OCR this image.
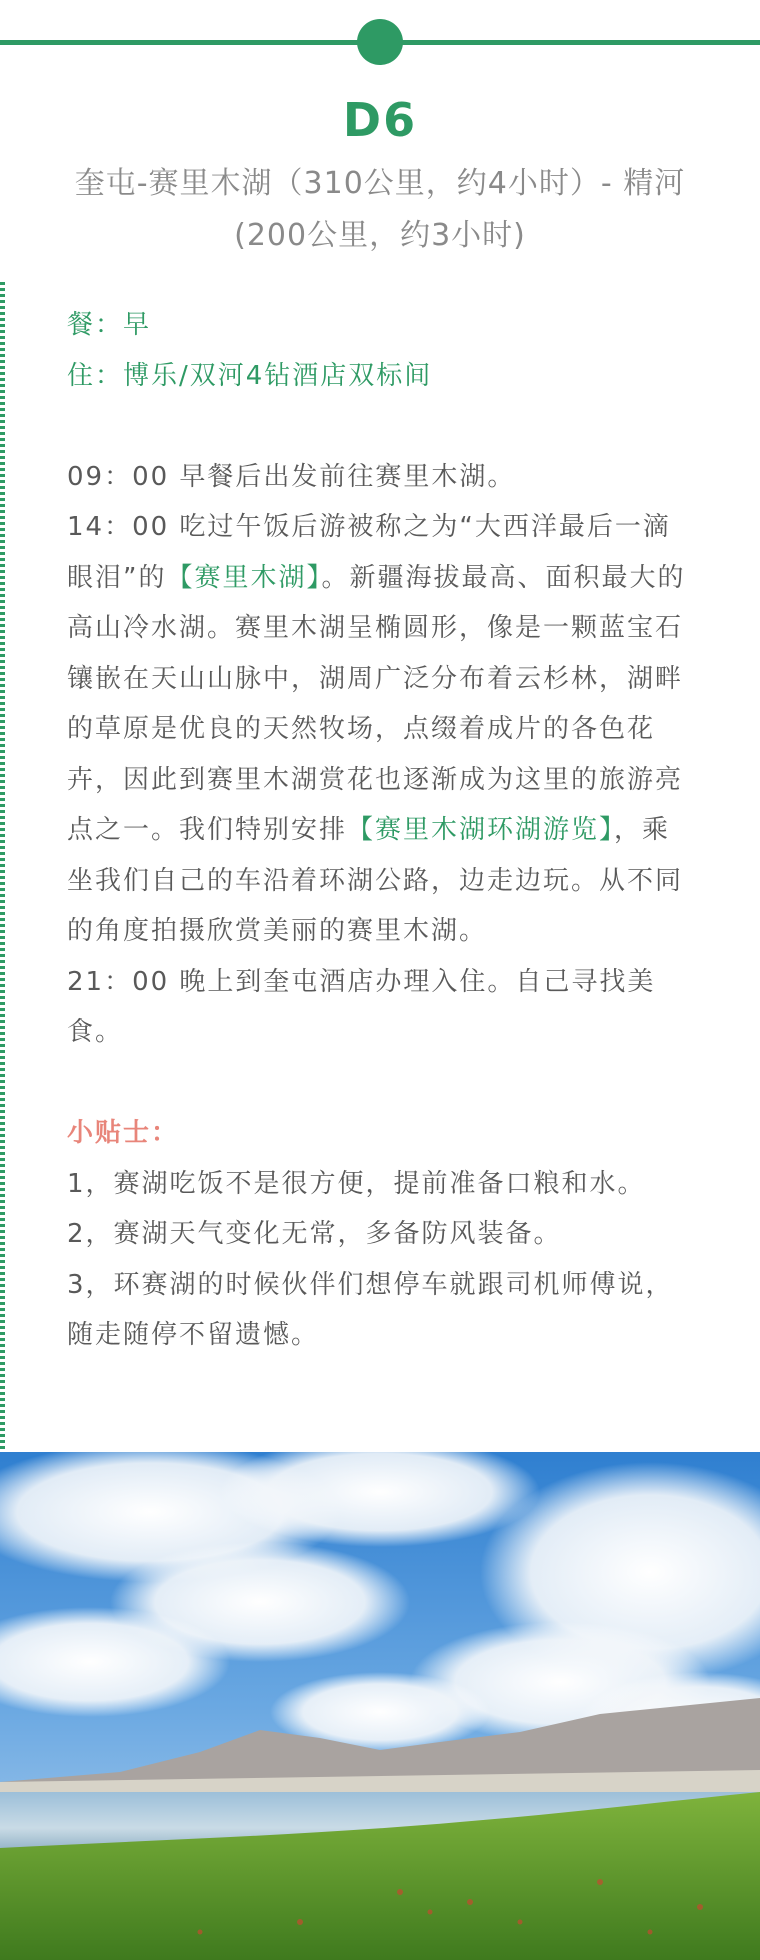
D6
奎屯-赛里木湖（310公里，约4小时）- 精河(200公里，约3小时)

餐：早

住：博乐/双河4钻酒店双标间

09：00 早餐后出发前往赛里木湖。

14：00 吃过午饭后游被称之为“大西洋最后一滴眼泪”的【赛里木湖】。新疆海拔最高、面积最大的高山冷水湖。赛里木湖呈椭圆形，像是一颗蓝宝石镶嵌在天山山脉中，湖周广泛分布着云杉林，湖畔的草原是优良的天然牧场，点缀着成片的各色花卉，因此到赛里木湖赏花也逐渐成为这里的旅游亮点之一。我们特别安排【赛里木湖环湖游览】，乘坐我们自己的车沿着环湖公路，边走边玩。从不同的角度拍摄欣赏美丽的赛里木湖。

21：00 晚上到奎屯酒店办理入住。自己寻找美食。

小贴士：

1，赛湖吃饭不是很方便，提前准备口粮和水。

2，赛湖天气变化无常，多备防风装备。

3，环赛湖的时候伙伴们想停车就跟司机师傅说，随走随停不留遗憾。
